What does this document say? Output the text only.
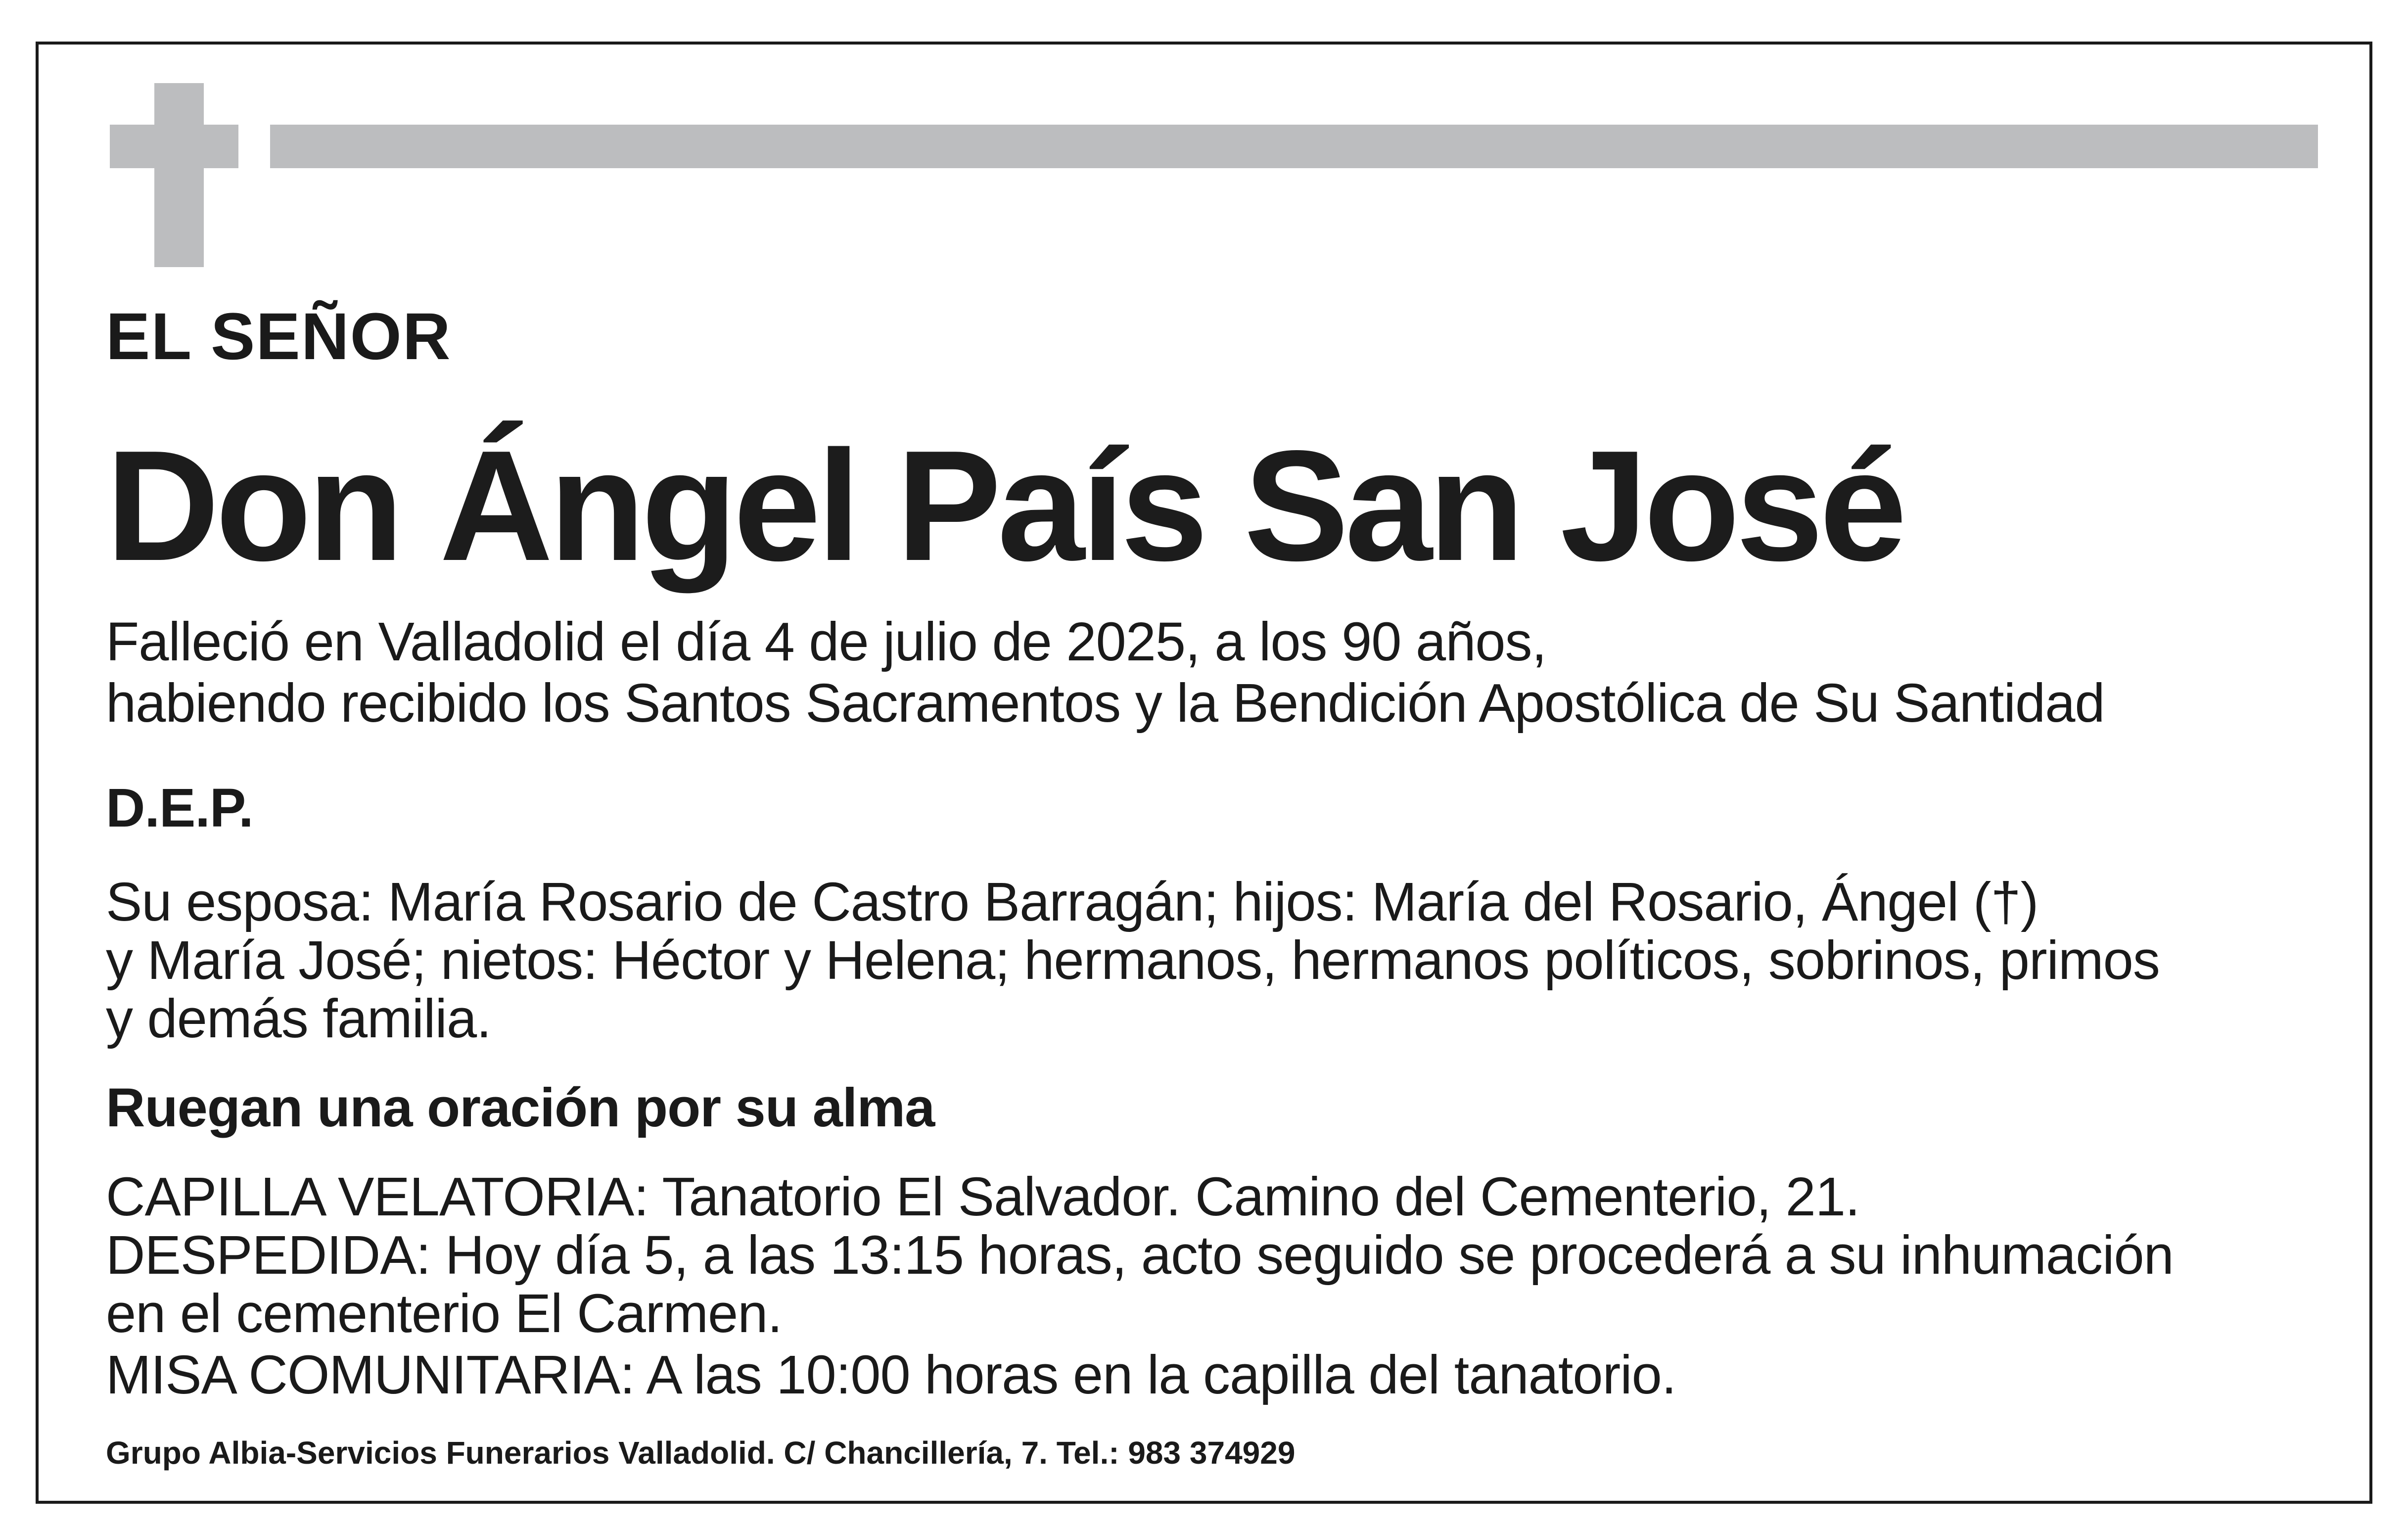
EL SEÑOR

Don Ángel País San José

Falleció en Valladolid el día 4 de julio de 2025, a los 90 años,

habiendo recibido los Santos Sacramentos y la Bendición Apostólica de Su Santidad

D.E.P.

Su esposa: María Rosario de Castro Barragán; hijos: María del Rosario, Ángel (†)

y María José; nietos: Héctor y Helena; hermanos, hermanos políticos, sobrinos, primos

y demás familia.

Ruegan una oración por su alma

CAPILLA VELATORIA: Tanatorio El Salvador. Camino del Cementerio, 21.

DESPEDIDA: Hoy día 5, a las 13:15 horas, acto seguido se procederá a su inhumación

en el cementerio El Carmen.

MISA COMUNITARIA: A las 10:00 horas en la capilla del tanatorio.

Grupo Albia-Servicios Funerarios Valladolid. C/ Chancillería, 7. Tel.: 983 374929
